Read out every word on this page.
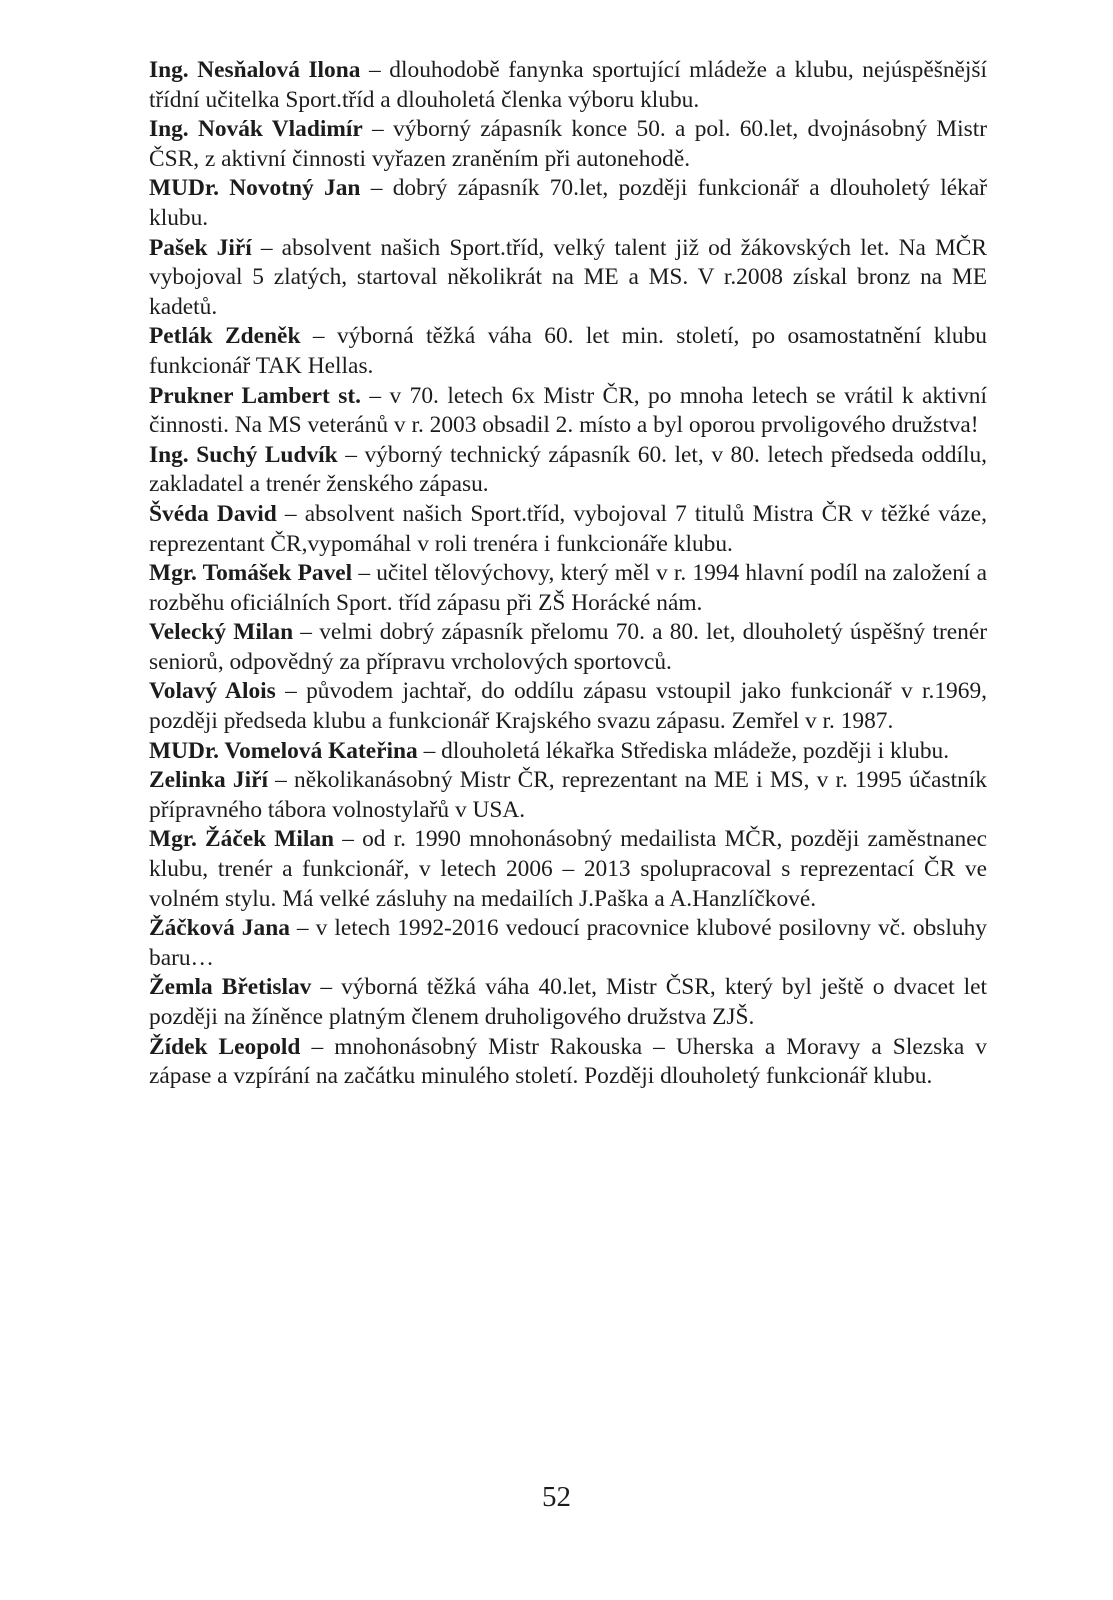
Ing. Nesňalová Ilona – dlouhodobě fanynka sportující mládeže a klubu, nejúspěšnější třídní učitelka Sport.tříd a dlouholetá členka výboru klubu.

Ing. Novák Vladimír – výborný zápasník konce 50. a pol. 60.let, dvojnásobný Mistr ČSR, z aktivní činnosti vyřazen zraněním při autonehodě.

MUDr. Novotný Jan – dobrý zápasník 70.let, později funkcionář a dlouholetý lékař klubu.

Pašek Jiří – absolvent našich Sport.tříd, velký talent již od žákovských let. Na MČR vybojoval 5 zlatých, startoval několikrát na ME a MS. V r.2008 získal bronz na ME kadetů.

Petlák Zdeněk – výborná těžká váha 60. let min. století, po osamostatnění klubu funkcionář TAK Hellas.

Prukner Lambert st. – v 70. letech 6x Mistr ČR, po mnoha letech se vrátil k aktivní činnosti. Na MS veteránů v r. 2003 obsadil 2. místo a byl oporou prvoligového družstva!

Ing. Suchý Ludvík – výborný technický zápasník 60. let, v 80. letech předseda oddílu, zakladatel a trenér ženského zápasu.

Švéda David – absolvent našich Sport.tříd, vybojoval 7 titulů Mistra ČR v těžké váze, reprezentant ČR,vypomáhal v roli trenéra i funkcionáře klubu.

Mgr. Tomášek Pavel – učitel tělovýchovy, který měl v r. 1994 hlavní podíl na založení a rozběhu oficiálních Sport. tříd zápasu při ZŠ Horácké nám.

Velecký Milan – velmi dobrý zápasník přelomu 70. a 80. let, dlouholetý úspěšný trenér seniorů, odpovědný za přípravu vrcholových sportovců.

Volavý Alois – původem jachtař, do oddílu zápasu vstoupil jako funkcionář v r.1969, později předseda klubu a funkcionář Krajského svazu zápasu. Zemřel v r. 1987.

MUDr. Vomelová Kateřina – dlouholetá lékařka Střediska mládeže, později i klubu.

Zelinka Jiří – několikanásobný Mistr ČR, reprezentant na ME i MS, v r. 1995 účastník přípravného tábora volnostylařů v USA.

Mgr. Žáček Milan – od r. 1990 mnohonásobný medailista MČR, později zaměstnanec klubu, trenér a funkcionář, v letech 2006 – 2013 spolupracoval s reprezentací ČR ve volném stylu. Má velké zásluhy na medailích J.Paška a A.Hanzlíčkové.

Žáčková Jana – v letech 1992-2016 vedoucí pracovnice klubové posilovny vč. obsluhy baru…

Žemla Břetislav – výborná těžká váha 40.let, Mistr ČSR, který byl ještě o dvacet let později na žíněnce platným členem druholigového družstva ZJŠ.

Žídek Leopold – mnohonásobný Mistr Rakouska – Uherska a Moravy a Slezska v zápase a vzpírání na začátku minulého století. Později dlouholetý funkcionář klubu.

52
